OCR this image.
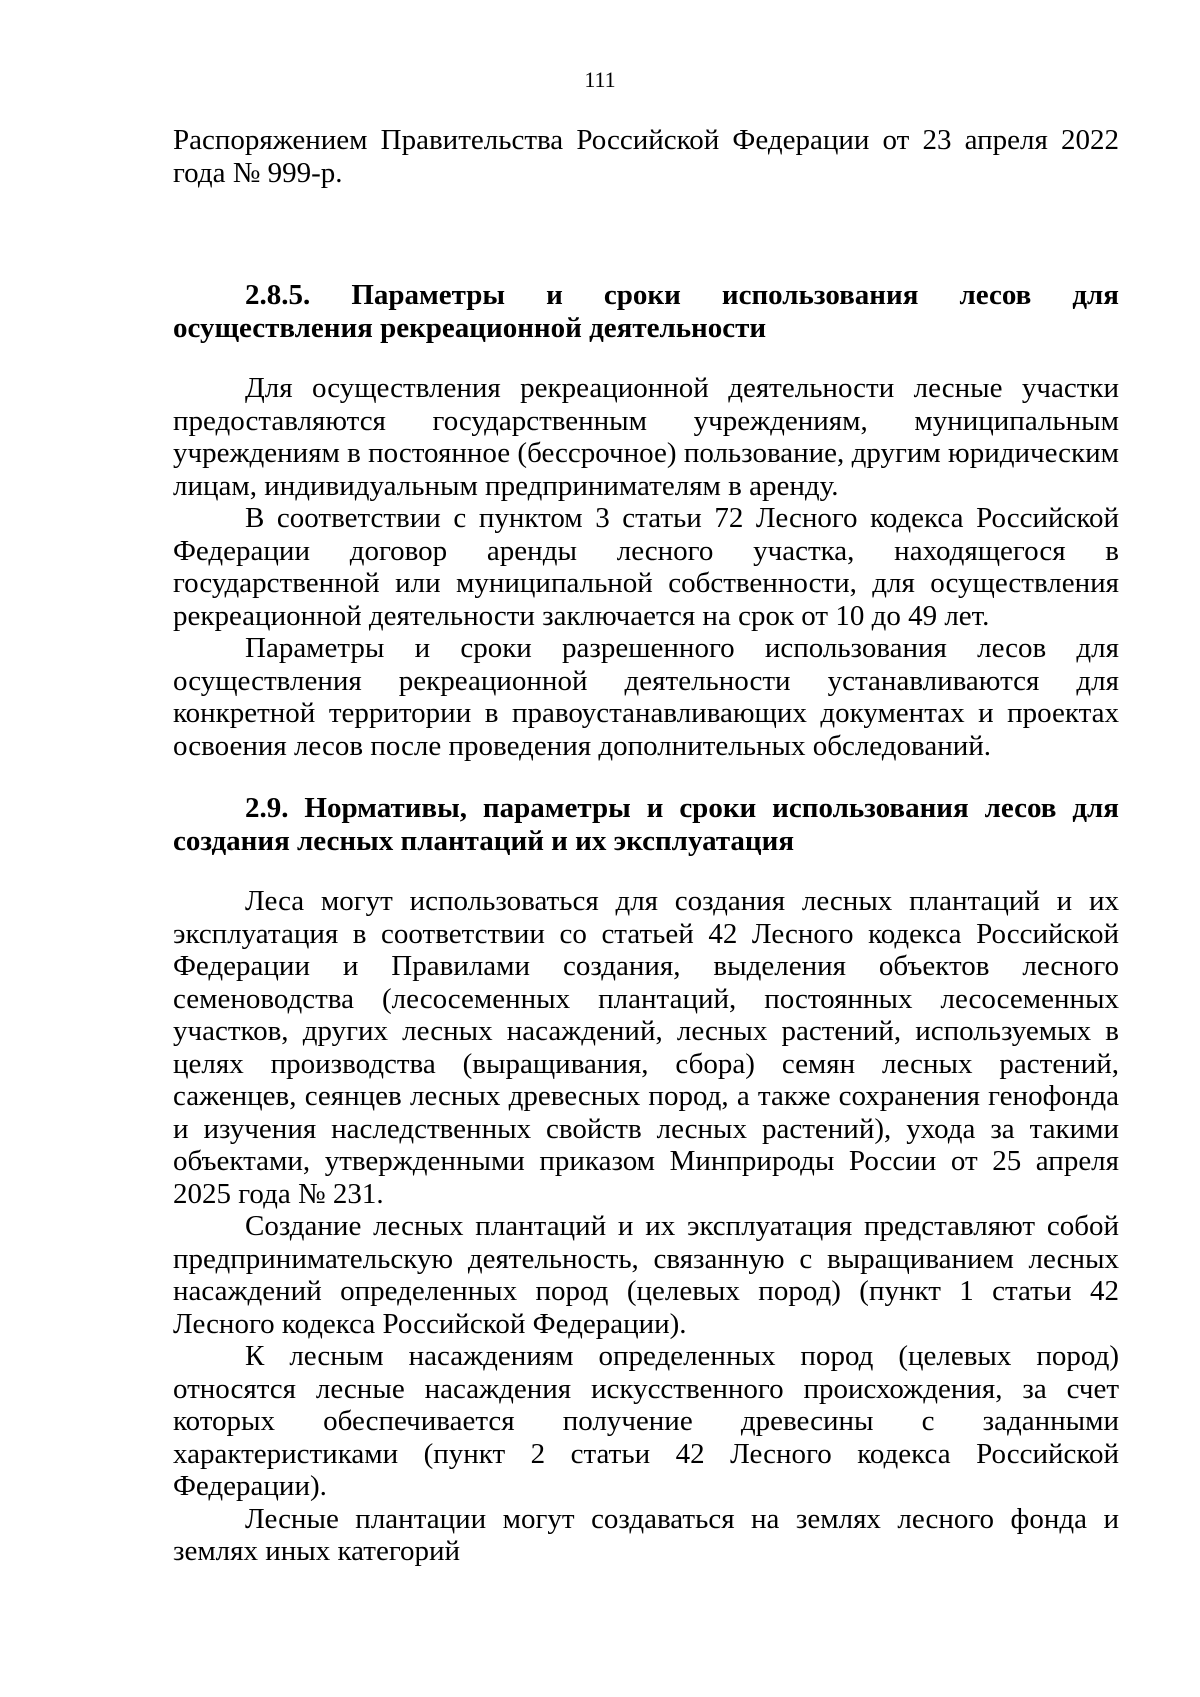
111

Распоряжением Правительства Российской Федерации от 23 апреля 2022 года № 999-р.

2.8.5. Параметры и сроки использования лесов для осуществления рекреационной деятельности

Для осуществления рекреационной деятельности лесные участки предоставляются государственным учреждениям, муниципальным учреждениям в постоянное (бессрочное) пользование, другим юридическим лицам, индивидуальным предпринимателям в аренду.

В соответствии с пунктом 3 статьи 72 Лесного кодекса Российской Федерации договор аренды лесного участка, находящегося в государственной или муниципальной собственности, для осуществления рекреационной деятельности заключается на срок от 10 до 49 лет.

Параметры и сроки разрешенного использования лесов для осуществления рекреационной деятельности устанавливаются для конкретной территории в правоустанавливающих документах и проектах освоения лесов после проведения дополнительных обследований.

2.9. Нормативы, параметры и сроки использования лесов для создания лесных плантаций и их эксплуатация

Леса могут использоваться для создания лесных плантаций и их эксплуатация в соответствии со статьей 42 Лесного кодекса Российской Федерации и Правилами создания, выделения объектов лесного семеноводства (лесосеменных плантаций, постоянных лесосеменных участков, других лесных насаждений, лесных растений, используемых в целях производства (выращивания, сбора) семян лесных растений, саженцев, сеянцев лесных древесных пород, а также сохранения генофонда и изучения наследственных свойств лесных растений), ухода за такими объектами, утвержденными приказом Минприроды России от 25 апреля 2025 года № 231.

Создание лесных плантаций и их эксплуатация представляют собой предпринимательскую деятельность, связанную с выращиванием лесных насаждений определенных пород (целевых пород) (пункт 1 статьи 42 Лесного кодекса Российской Федерации).

К лесным насаждениям определенных пород (целевых пород) относятся лесные насаждения искусственного происхождения, за счет которых обеспечивается получение древесины с заданными характеристиками (пункт 2 статьи 42 Лесного кодекса Российской Федерации).

Лесные плантации могут создаваться на землях лесного фонда и землях иных категорий
